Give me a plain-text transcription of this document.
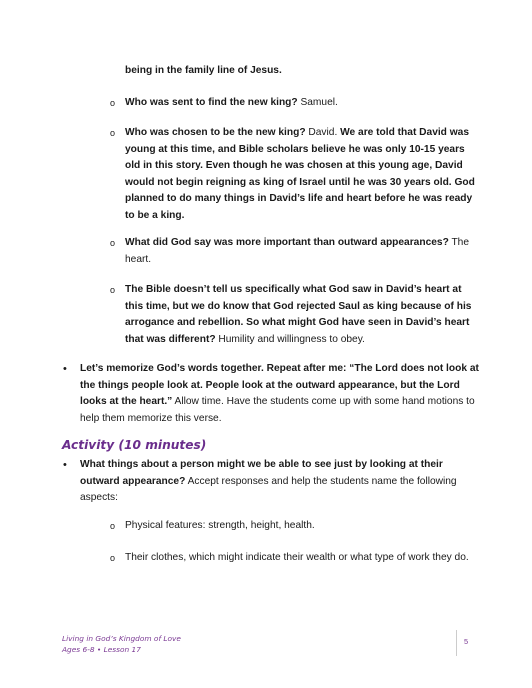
being in the family line of Jesus.

o Who was sent to find the new king? Samuel.

o Who was chosen to be the new king? David. We are told that David was young at this time, and Bible scholars believe he was only 10-15 years old in this story. Even though he was chosen at this young age, David would not begin reigning as king of Israel until he was 30 years old. God planned to do many things in David’s life and heart before he was ready to be a king.

o What did God say was more important than outward appearances? The heart.

o The Bible doesn’t tell us specifically what God saw in David’s heart at this time, but we do know that God rejected Saul as king because of his arrogance and rebellion. So what might God have seen in David’s heart that was different? Humility and willingness to obey.

• Let’s memorize God’s words together. Repeat after me: “The Lord does not look at the things people look at. People look at the outward appearance, but the Lord looks at the heart.” Allow time. Have the students come up with some hand motions to help them memorize this verse.

Activity (10 minutes)
• What things about a person might we be able to see just by looking at their outward appearance? Accept responses and help the students name the following aspects:

o Physical features: strength, height, health.

o Their clothes, which might indicate their wealth or what type of work they do.

Living in God’s Kingdom of Love
Ages 6-8 • Lesson 17
5
